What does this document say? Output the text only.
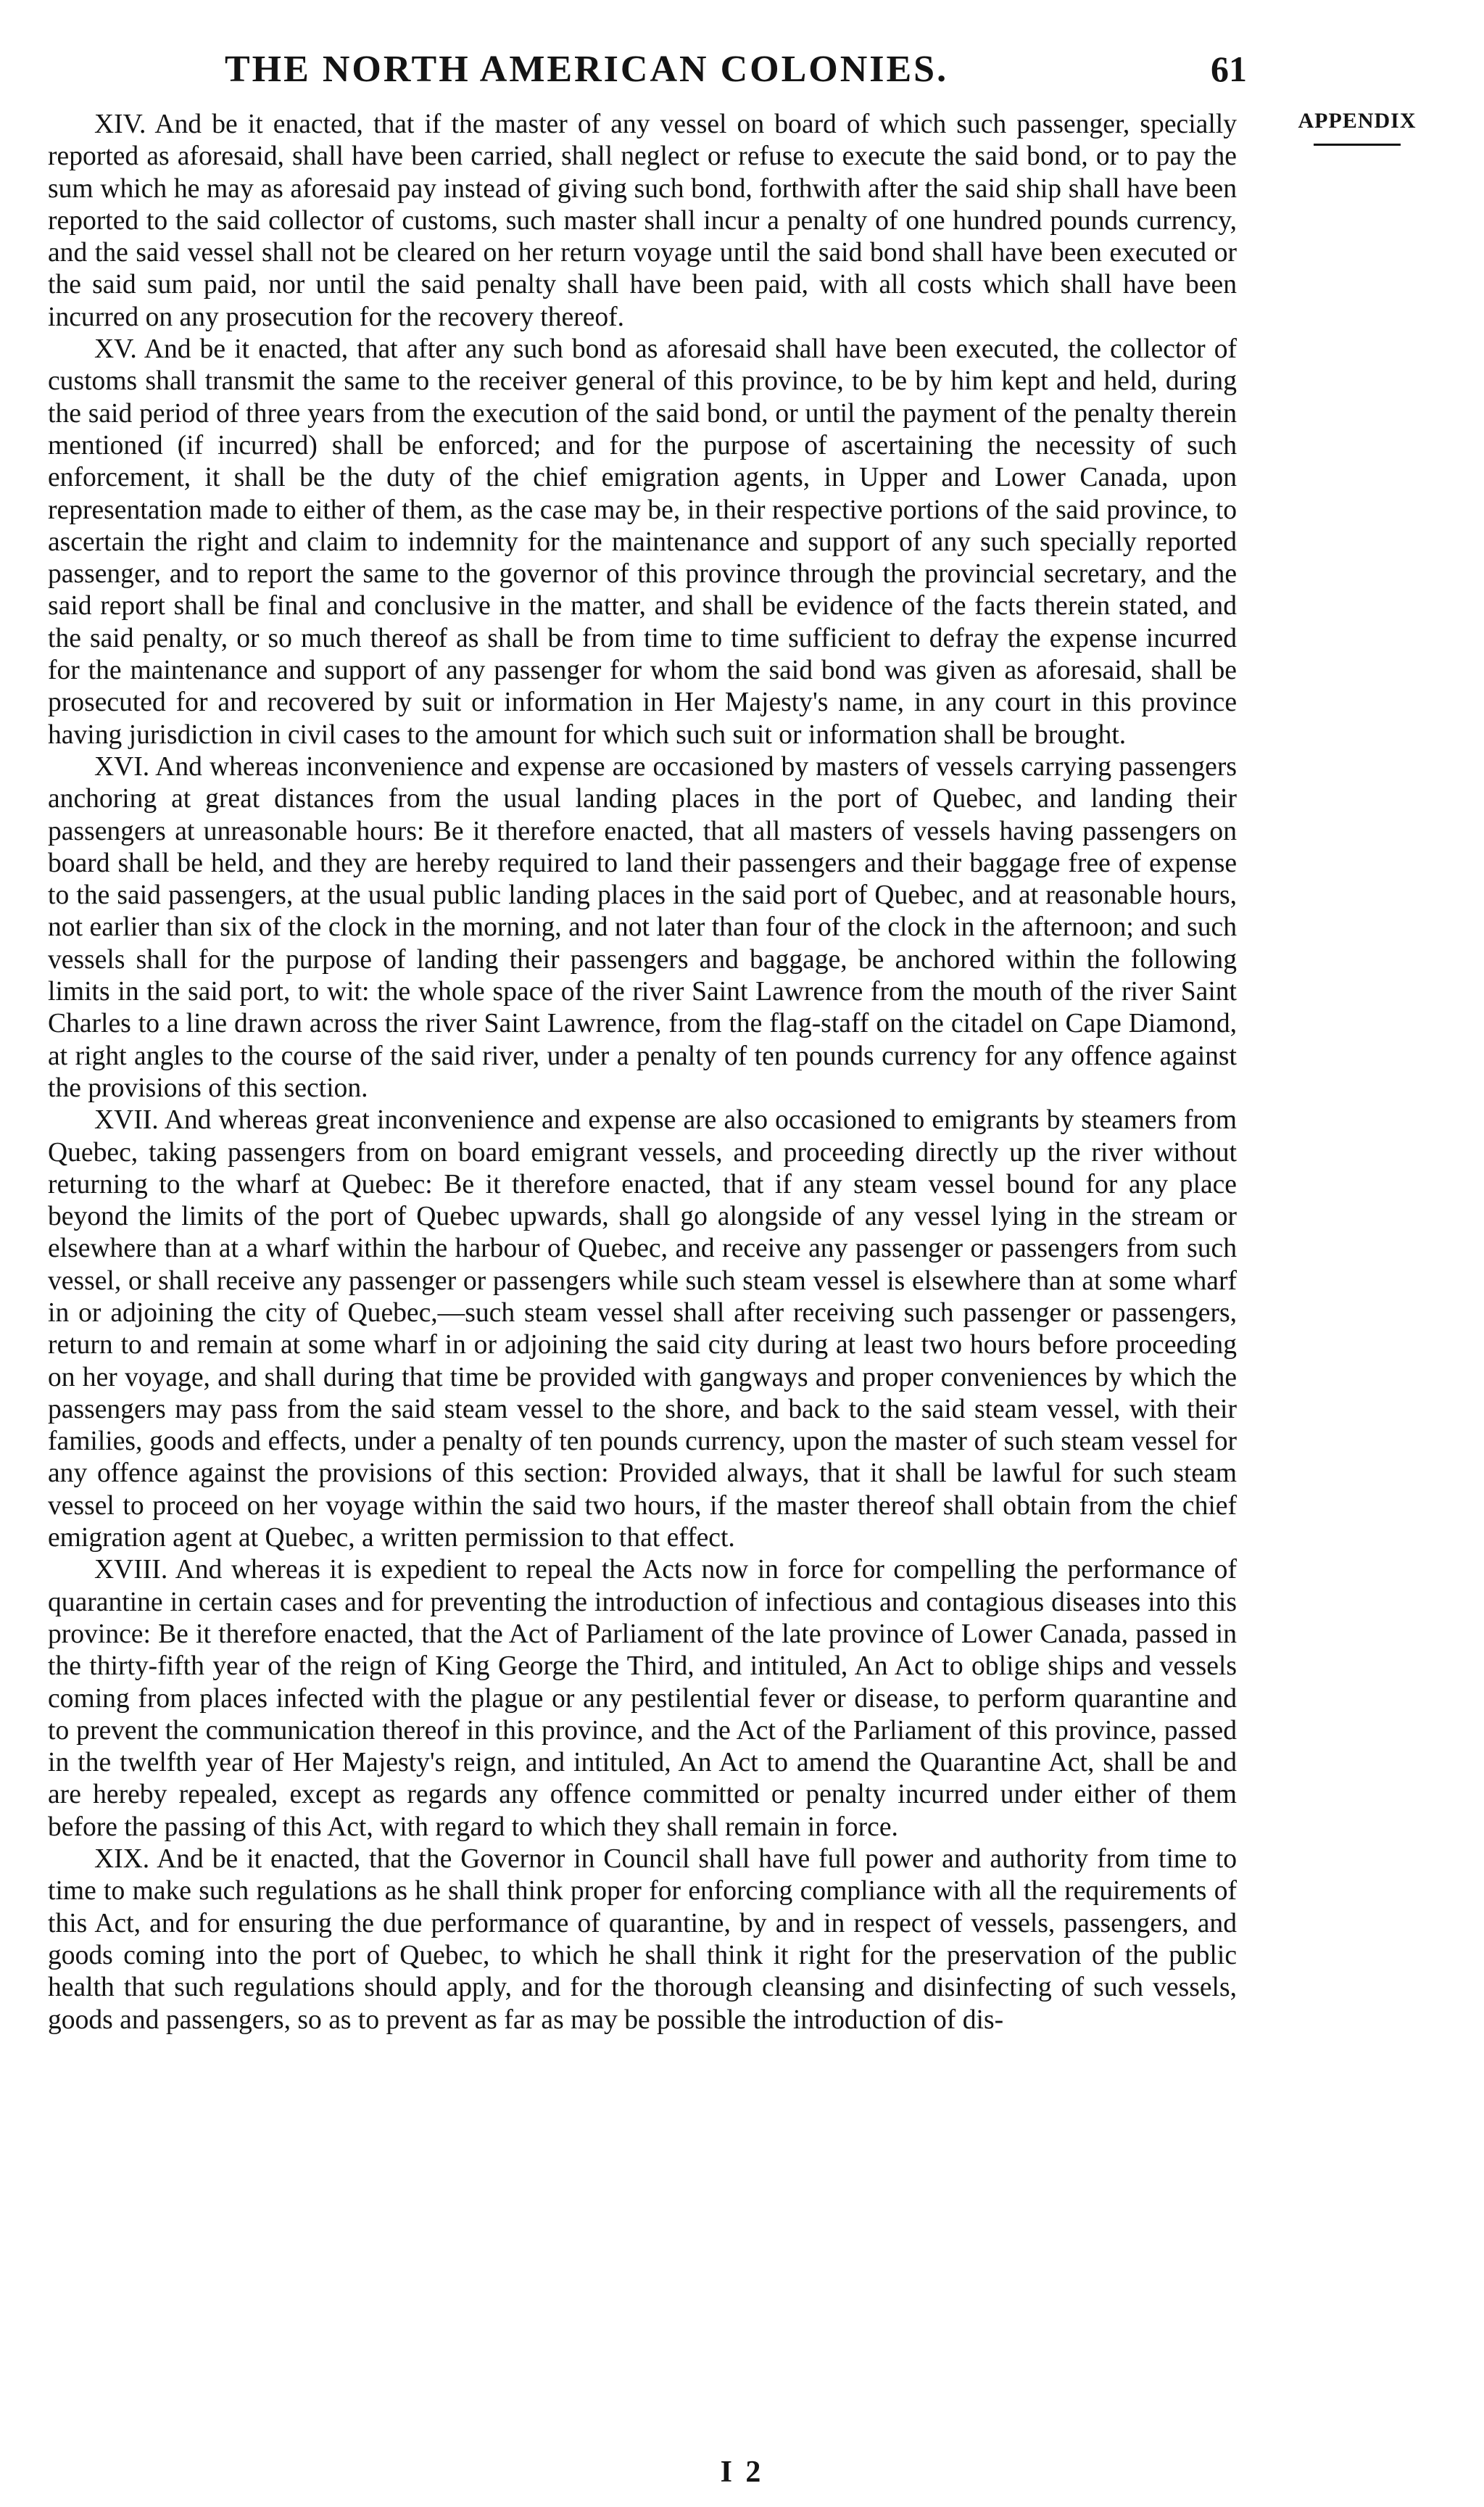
THE NORTH AMERICAN COLONIES.	61
APPENDIX

XIV. And be it enacted, that if the master of any vessel on board of which such passenger, specially reported as aforesaid, shall have been carried, shall neglect or refuse to execute the said bond, or to pay the sum which he may as aforesaid pay instead of giving such bond, forthwith after the said ship shall have been reported to the said collector of customs, such master shall incur a penalty of one hundred pounds currency, and the said vessel shall not be cleared on her return voyage until the said bond shall have been executed or the said sum paid, nor until the said penalty shall have been paid, with all costs which shall have been incurred on any prosecution for the recovery thereof.

XV. And be it enacted, that after any such bond as aforesaid shall have been executed, the collector of customs shall transmit the same to the receiver general of this province, to be by him kept and held, during the said period of three years from the execution of the said bond, or until the payment of the penalty therein mentioned (if incurred) shall be enforced; and for the purpose of ascertaining the necessity of such enforcement, it shall be the duty of the chief emigration agents, in Upper and Lower Canada, upon representation made to either of them, as the case may be, in their respective portions of the said province, to ascertain the right and claim to indemnity for the maintenance and support of any such specially reported passenger, and to report the same to the governor of this province through the provincial secretary, and the said report shall be final and conclusive in the matter, and shall be evidence of the facts therein stated, and the said penalty, or so much thereof as shall be from time to time sufficient to defray the expense incurred for the maintenance and support of any passenger for whom the said bond was given as aforesaid, shall be prosecuted for and recovered by suit or information in Her Majesty's name, in any court in this province having jurisdiction in civil cases to the amount for which such suit or information shall be brought.

XVI. And whereas inconvenience and expense are occasioned by masters of vessels carrying passengers anchoring at great distances from the usual landing places in the port of Quebec, and landing their passengers at unreasonable hours: Be it therefore enacted, that all masters of vessels having passengers on board shall be held, and they are hereby required to land their passengers and their baggage free of expense to the said passengers, at the usual public landing places in the said port of Quebec, and at reasonable hours, not earlier than six of the clock in the morning, and not later than four of the clock in the afternoon; and such vessels shall for the purpose of landing their passengers and baggage, be anchored within the following limits in the said port, to wit: the whole space of the river Saint Lawrence from the mouth of the river Saint Charles to a line drawn across the river Saint Lawrence, from the flag-staff on the citadel on Cape Diamond, at right angles to the course of the said river, under a penalty of ten pounds currency for any offence against the provisions of this section.

XVII. And whereas great inconvenience and expense are also occasioned to emigrants by steamers from Quebec, taking passengers from on board emigrant vessels, and proceeding directly up the river without returning to the wharf at Quebec: Be it therefore enacted, that if any steam vessel bound for any place beyond the limits of the port of Quebec upwards, shall go alongside of any vessel lying in the stream or elsewhere than at a wharf within the harbour of Quebec, and receive any passenger or passengers from such vessel, or shall receive any passenger or passengers while such steam vessel is elsewhere than at some wharf in or adjoining the city of Quebec,—such steam vessel shall after receiving such passenger or passengers, return to and remain at some wharf in or adjoining the said city during at least two hours before proceeding on her voyage, and shall during that time be provided with gangways and proper conveniences by which the passengers may pass from the said steam vessel to the shore, and back to the said steam vessel, with their families, goods and effects, under a penalty of ten pounds currency, upon the master of such steam vessel for any offence against the provisions of this section: Provided always, that it shall be lawful for such steam vessel to proceed on her voyage within the said two hours, if the master thereof shall obtain from the chief emigration agent at Quebec, a written permission to that effect.

XVIII. And whereas it is expedient to repeal the Acts now in force for compelling the performance of quarantine in certain cases and for preventing the introduction of infectious and contagious diseases into this province: Be it therefore enacted, that the Act of Parliament of the late province of Lower Canada, passed in the thirty-fifth year of the reign of King George the Third, and intituled, An Act to oblige ships and vessels coming from places infected with the plague or any pestilential fever or disease, to perform quarantine and to prevent the communication thereof in this province, and the Act of the Parliament of this province, passed in the twelfth year of Her Majesty's reign, and intituled, An Act to amend the Quarantine Act, shall be and are hereby repealed, except as regards any offence committed or penalty incurred under either of them before the passing of this Act, with regard to which they shall remain in force.

XIX. And be it enacted, that the Governor in Council shall have full power and authority from time to time to make such regulations as he shall think proper for enforcing compliance with all the requirements of this Act, and for ensuring the due performance of quarantine, by and in respect of vessels, passengers, and goods coming into the port of Quebec, to which he shall think it right for the preservation of the public health that such regulations should apply, and for the thorough cleansing and disinfecting of such vessels, goods and passengers, so as to prevent as far as may be possible the introduction of dis-

I 2
